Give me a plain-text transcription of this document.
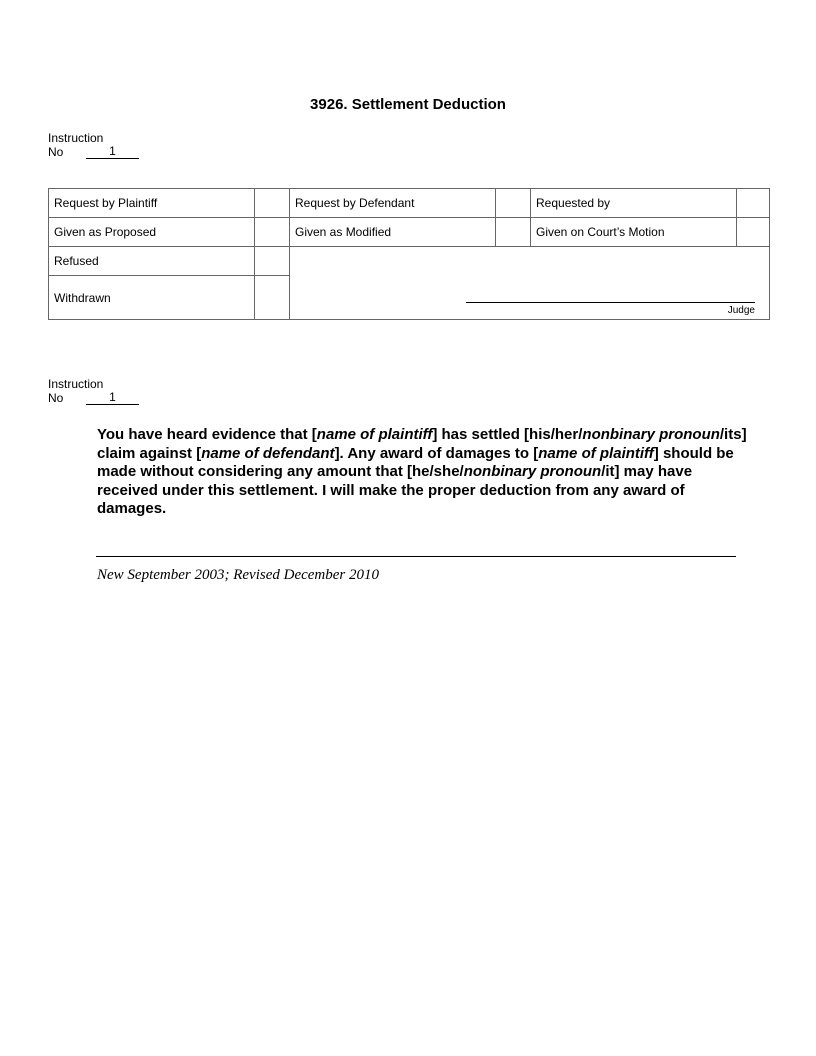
3926. Settlement Deduction
Instruction
No	1
Request by Plaintiff		Request by Defendant		Requested by	
Given as Proposed		Given as Modified		Given on Court’s Motion	
Refused		Judge			

Withdrawn					
Instruction
No	1
You have heard evidence that [name of plaintiff] has settled [his/her/nonbinary pronoun/its] claim against [name of defendant]. Any award of damages to [name of plaintiff] should be made without considering any amount that [he/she/nonbinary pronoun/it] may have received under this settlement. I will make the proper deduction from any award of damages.
New September 2003; Revised December 2010
